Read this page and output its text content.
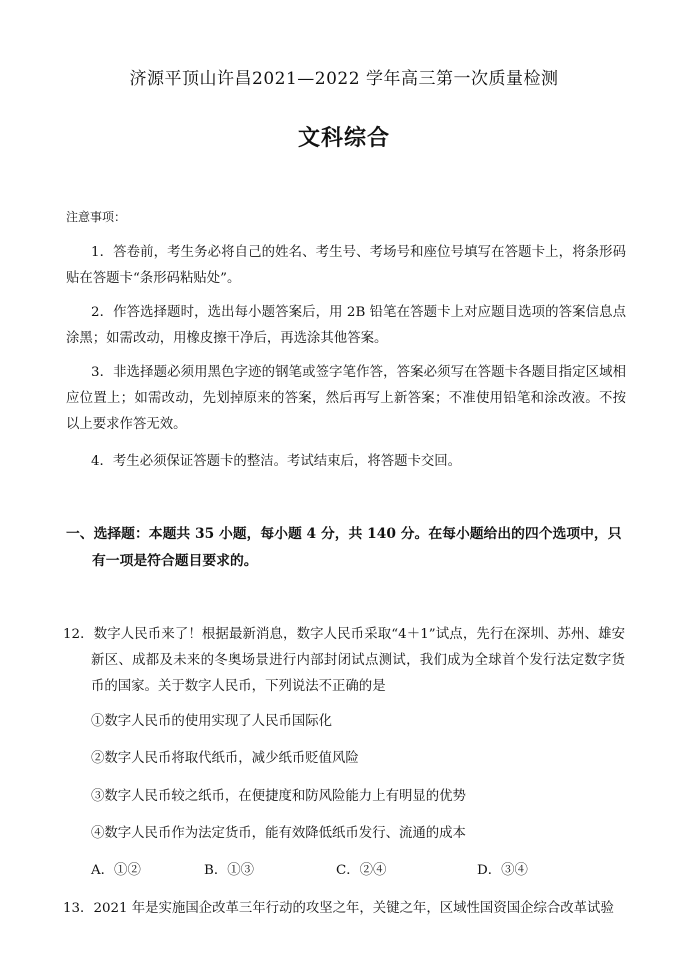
济源平顶山许昌2021—2022 学年高三第一次质量检测
文科综合
注意事项：
1．答卷前，考生务必将自己的姓名、考生号、考场号和座位号填写在答题卡上，将条形码贴在答题卡“条形码粘贴处”。
2．作答选择题时，选出每小题答案后，用 2B 铅笔在答题卡上对应题目选项的答案信息点涂黑；如需改动，用橡皮擦干净后，再选涂其他答案。
3．非选择题必须用黑色字迹的钢笔或签字笔作答，答案必须写在答题卡各题目指定区域相应位置上；如需改动，先划掉原来的答案，然后再写上新答案；不准使用铅笔和涂改液。不按以上要求作答无效。
4．考生必须保证答题卡的整洁。考试结束后，将答题卡交回。
一、选择题：本题共 35 小题，每小题 4 分，共 140 分。在每小题给出的四个选项中，只有一项是符合题目要求的。
12．数字人民币来了！根据最新消息，数字人民币采取“4＋1”试点，先行在深圳、苏州、雄安新区、成都及未来的冬奥场景进行内部封闭试点测试，我们成为全球首个发行法定数字货币的国家。关于数字人民币，下列说法不正确的是
①数字人民币的使用实现了人民币国际化
②数字人民币将取代纸币，减少纸币贬值风险
③数字人民币较之纸币，在便捷度和防风险能力上有明显的优势
④数字人民币作为法定货币，能有效降低纸币发行、流通的成本
A．①②	B．①③	C．②④	D．③④
13．2021 年是实施国企改革三年行动的攻坚之年，关键之年，区域性国资国企综合改革试验
